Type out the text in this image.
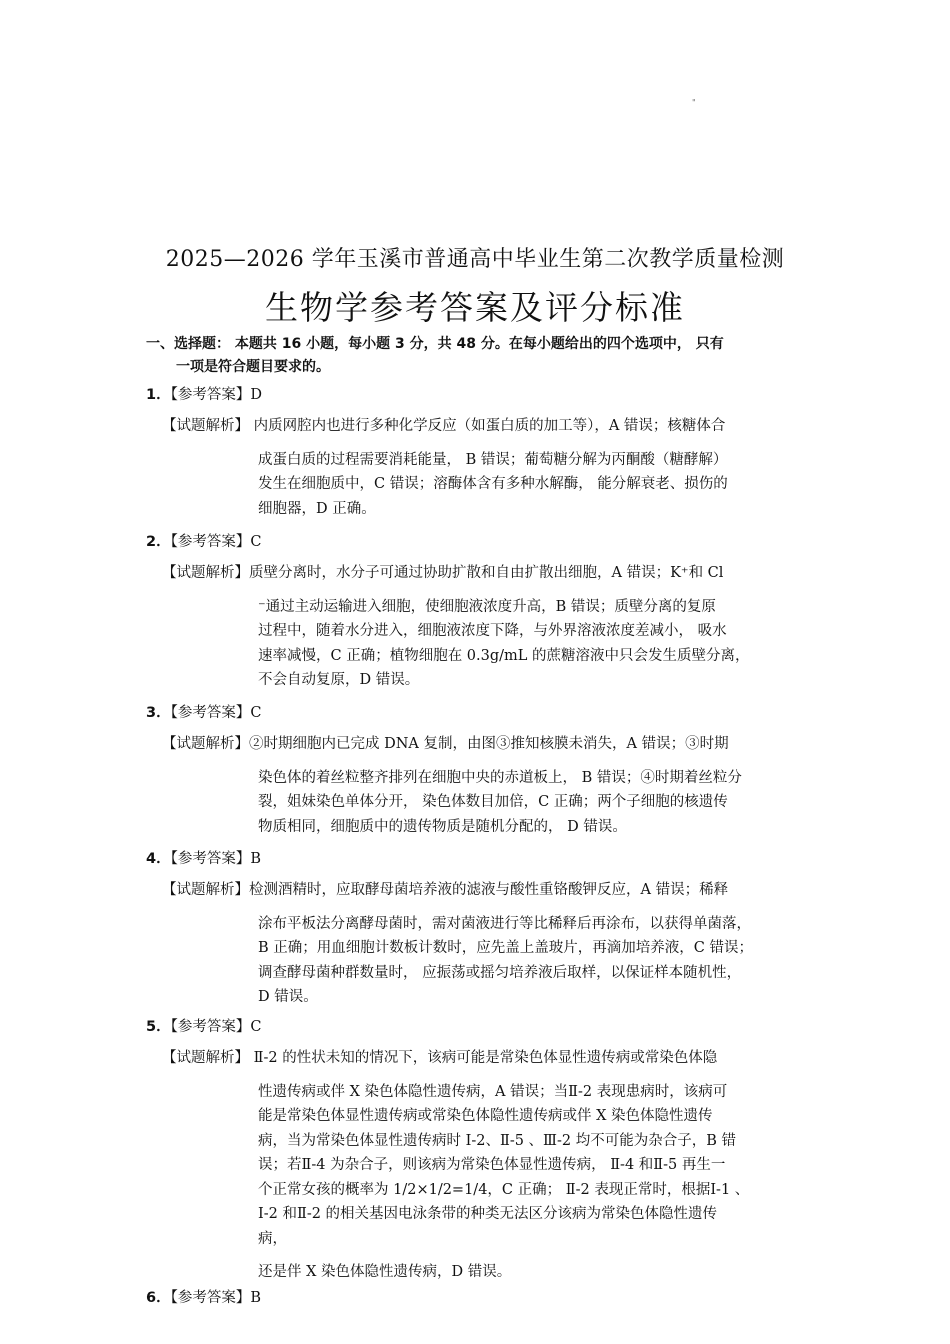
"
2025—2026 学年玉溪市普通高中毕业生第二次教学质量检测
生物学参考答案及评分标准
一、选择题： 本题共 16 小题，每小题 3 分，共 48 分。在每小题给出的四个选项中， 只有
一项是符合题目要求的。
1．【参考答案】D
【试题解析】 内质网腔内也进行多种化学反应（如蛋白质的加工等），A 错误；核糖体合
成蛋白质的过程需要消耗能量， B 错误；葡萄糖分解为丙酮酸（糖酵解）
发生在细胞质中，C 错误；溶酶体含有多种水解酶， 能分解衰老、损伤的
细胞器，D 正确。
2．【参考答案】C
【试题解析】质壁分离时，水分子可通过协助扩散和自由扩散出细胞，A 错误；K⁺和 Cl
⁻通过主动运输进入细胞，使细胞液浓度升高，B 错误；质壁分离的复原
过程中，随着水分进入，细胞液浓度下降，与外界溶液浓度差减小， 吸水
速率减慢，C 正确；植物细胞在 0.3g/mL 的蔗糖溶液中只会发生质壁分离，
不会自动复原，D 错误。
3．【参考答案】C
【试题解析】②时期细胞内已完成 DNA 复制，由图③推知核膜未消失，A 错误；③时期
染色体的着丝粒整齐排列在细胞中央的赤道板上， B 错误；④时期着丝粒分
裂，姐妹染色单体分开， 染色体数目加倍，C 正确；两个子细胞的核遗传
物质相同，细胞质中的遗传物质是随机分配的， D 错误。
4．【参考答案】B
【试题解析】检测酒精时，应取酵母菌培养液的滤液与酸性重铬酸钾反应，A 错误；稀释
涂布平板法分离酵母菌时，需对菌液进行等比稀释后再涂布，以获得单菌落，
B 正确；用血细胞计数板计数时，应先盖上盖玻片，再滴加培养液，C 错误；
调查酵母菌种群数量时， 应振荡或摇匀培养液后取样，以保证样本随机性，
D 错误。
5．【参考答案】C
【试题解析】 Ⅱ-2 的性状未知的情况下，该病可能是常染色体显性遗传病或常染色体隐
性遗传病或伴 X 染色体隐性遗传病，A 错误；当Ⅱ-2 表现患病时，该病可
能是常染色体显性遗传病或常染色体隐性遗传病或伴 X 染色体隐性遗传
病，当为常染色体显性遗传病时 Ⅰ-2、Ⅱ-5 、Ⅲ-2 均不可能为杂合子，B 错
误；若Ⅱ-4 为杂合子，则该病为常染色体显性遗传病， Ⅱ-4 和Ⅱ-5 再生一
个正常女孩的概率为 1/2×1/2=1/4，C 正确； Ⅱ-2 表现正常时，根据Ⅰ-1 、
Ⅰ-2 和Ⅱ-2 的相关基因电泳条带的种类无法区分该病为常染色体隐性遗传
病，
还是伴 X 染色体隐性遗传病，D 错误。
6．【参考答案】B
